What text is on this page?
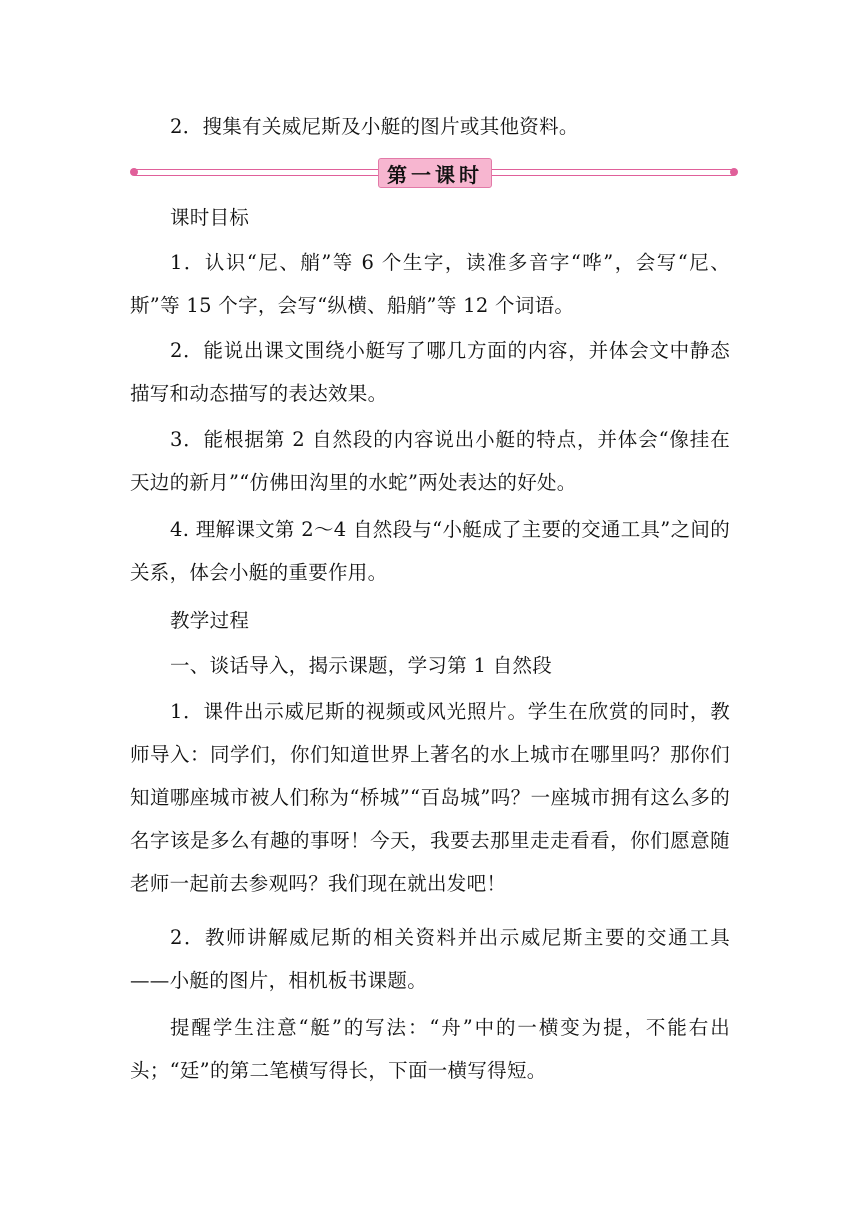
2．搜集有关威尼斯及小艇的图片或其他资料。

第一课时

课时目标

1．认识“尼、艄”等 6 个生字，读准多音字“哗”，会写“尼、斯”等 15 个字，会写“纵横、船艄”等 12 个词语。

2．能说出课文围绕小艇写了哪几方面的内容，并体会文中静态描写和动态描写的表达效果。

3．能根据第 2 自然段的内容说出小艇的特点，并体会“像挂在天边的新月”“仿佛田沟里的水蛇”两处表达的好处。

4. 理解课文第 2～4 自然段与“小艇成了主要的交通工具”之间的关系，体会小艇的重要作用。

教学过程

一、谈话导入，揭示课题，学习第 1 自然段

1．课件出示威尼斯的视频或风光照片。学生在欣赏的同时，教师导入：同学们，你们知道世界上著名的水上城市在哪里吗？那你们知道哪座城市被人们称为“桥城”“百岛城”吗？一座城市拥有这么多的名字该是多么有趣的事呀！今天，我要去那里走走看看，你们愿意随老师一起前去参观吗？我们现在就出发吧！

2．教师讲解威尼斯的相关资料并出示威尼斯主要的交通工具——小艇的图片，相机板书课题。

提醒学生注意“艇”的写法：“舟”中的一横变为提，不能右出头；“廷”的第二笔横写得长，下面一横写得短。
